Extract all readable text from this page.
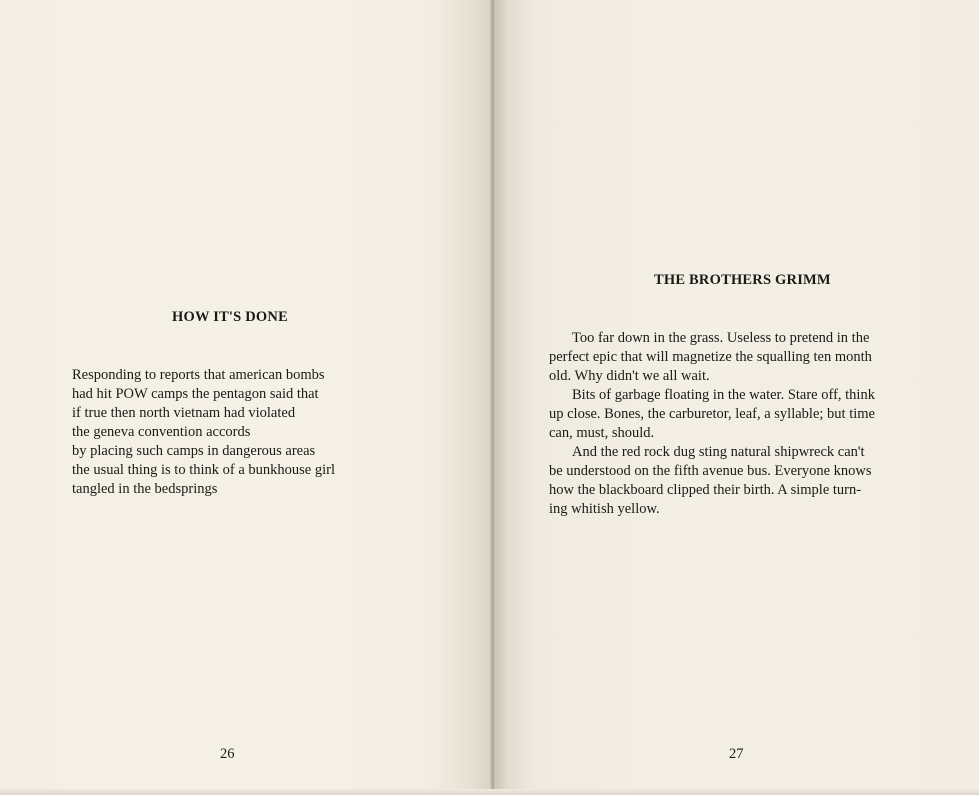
HOW IT'S DONE

Responding to reports that american bombs

had hit POW camps the pentagon said that

if true then north vietnam had violated

the geneva convention accords

by placing such camps in dangerous areas

the usual thing is to think of a bunkhouse girl

tangled in the bedsprings

26

THE BROTHERS GRIMM

Too far down in the grass. Useless to pretend in the

perfect epic that will magnetize the squalling ten month

old. Why didn't we all wait.

Bits of garbage floating in the water. Stare off, think

up close. Bones, the carburetor, leaf, a syllable; but time

can, must, should.

And the red rock dug sting natural shipwreck can't

be understood on the fifth avenue bus. Everyone knows

how the blackboard clipped their birth. A simple turn-

ing whitish yellow.

27
